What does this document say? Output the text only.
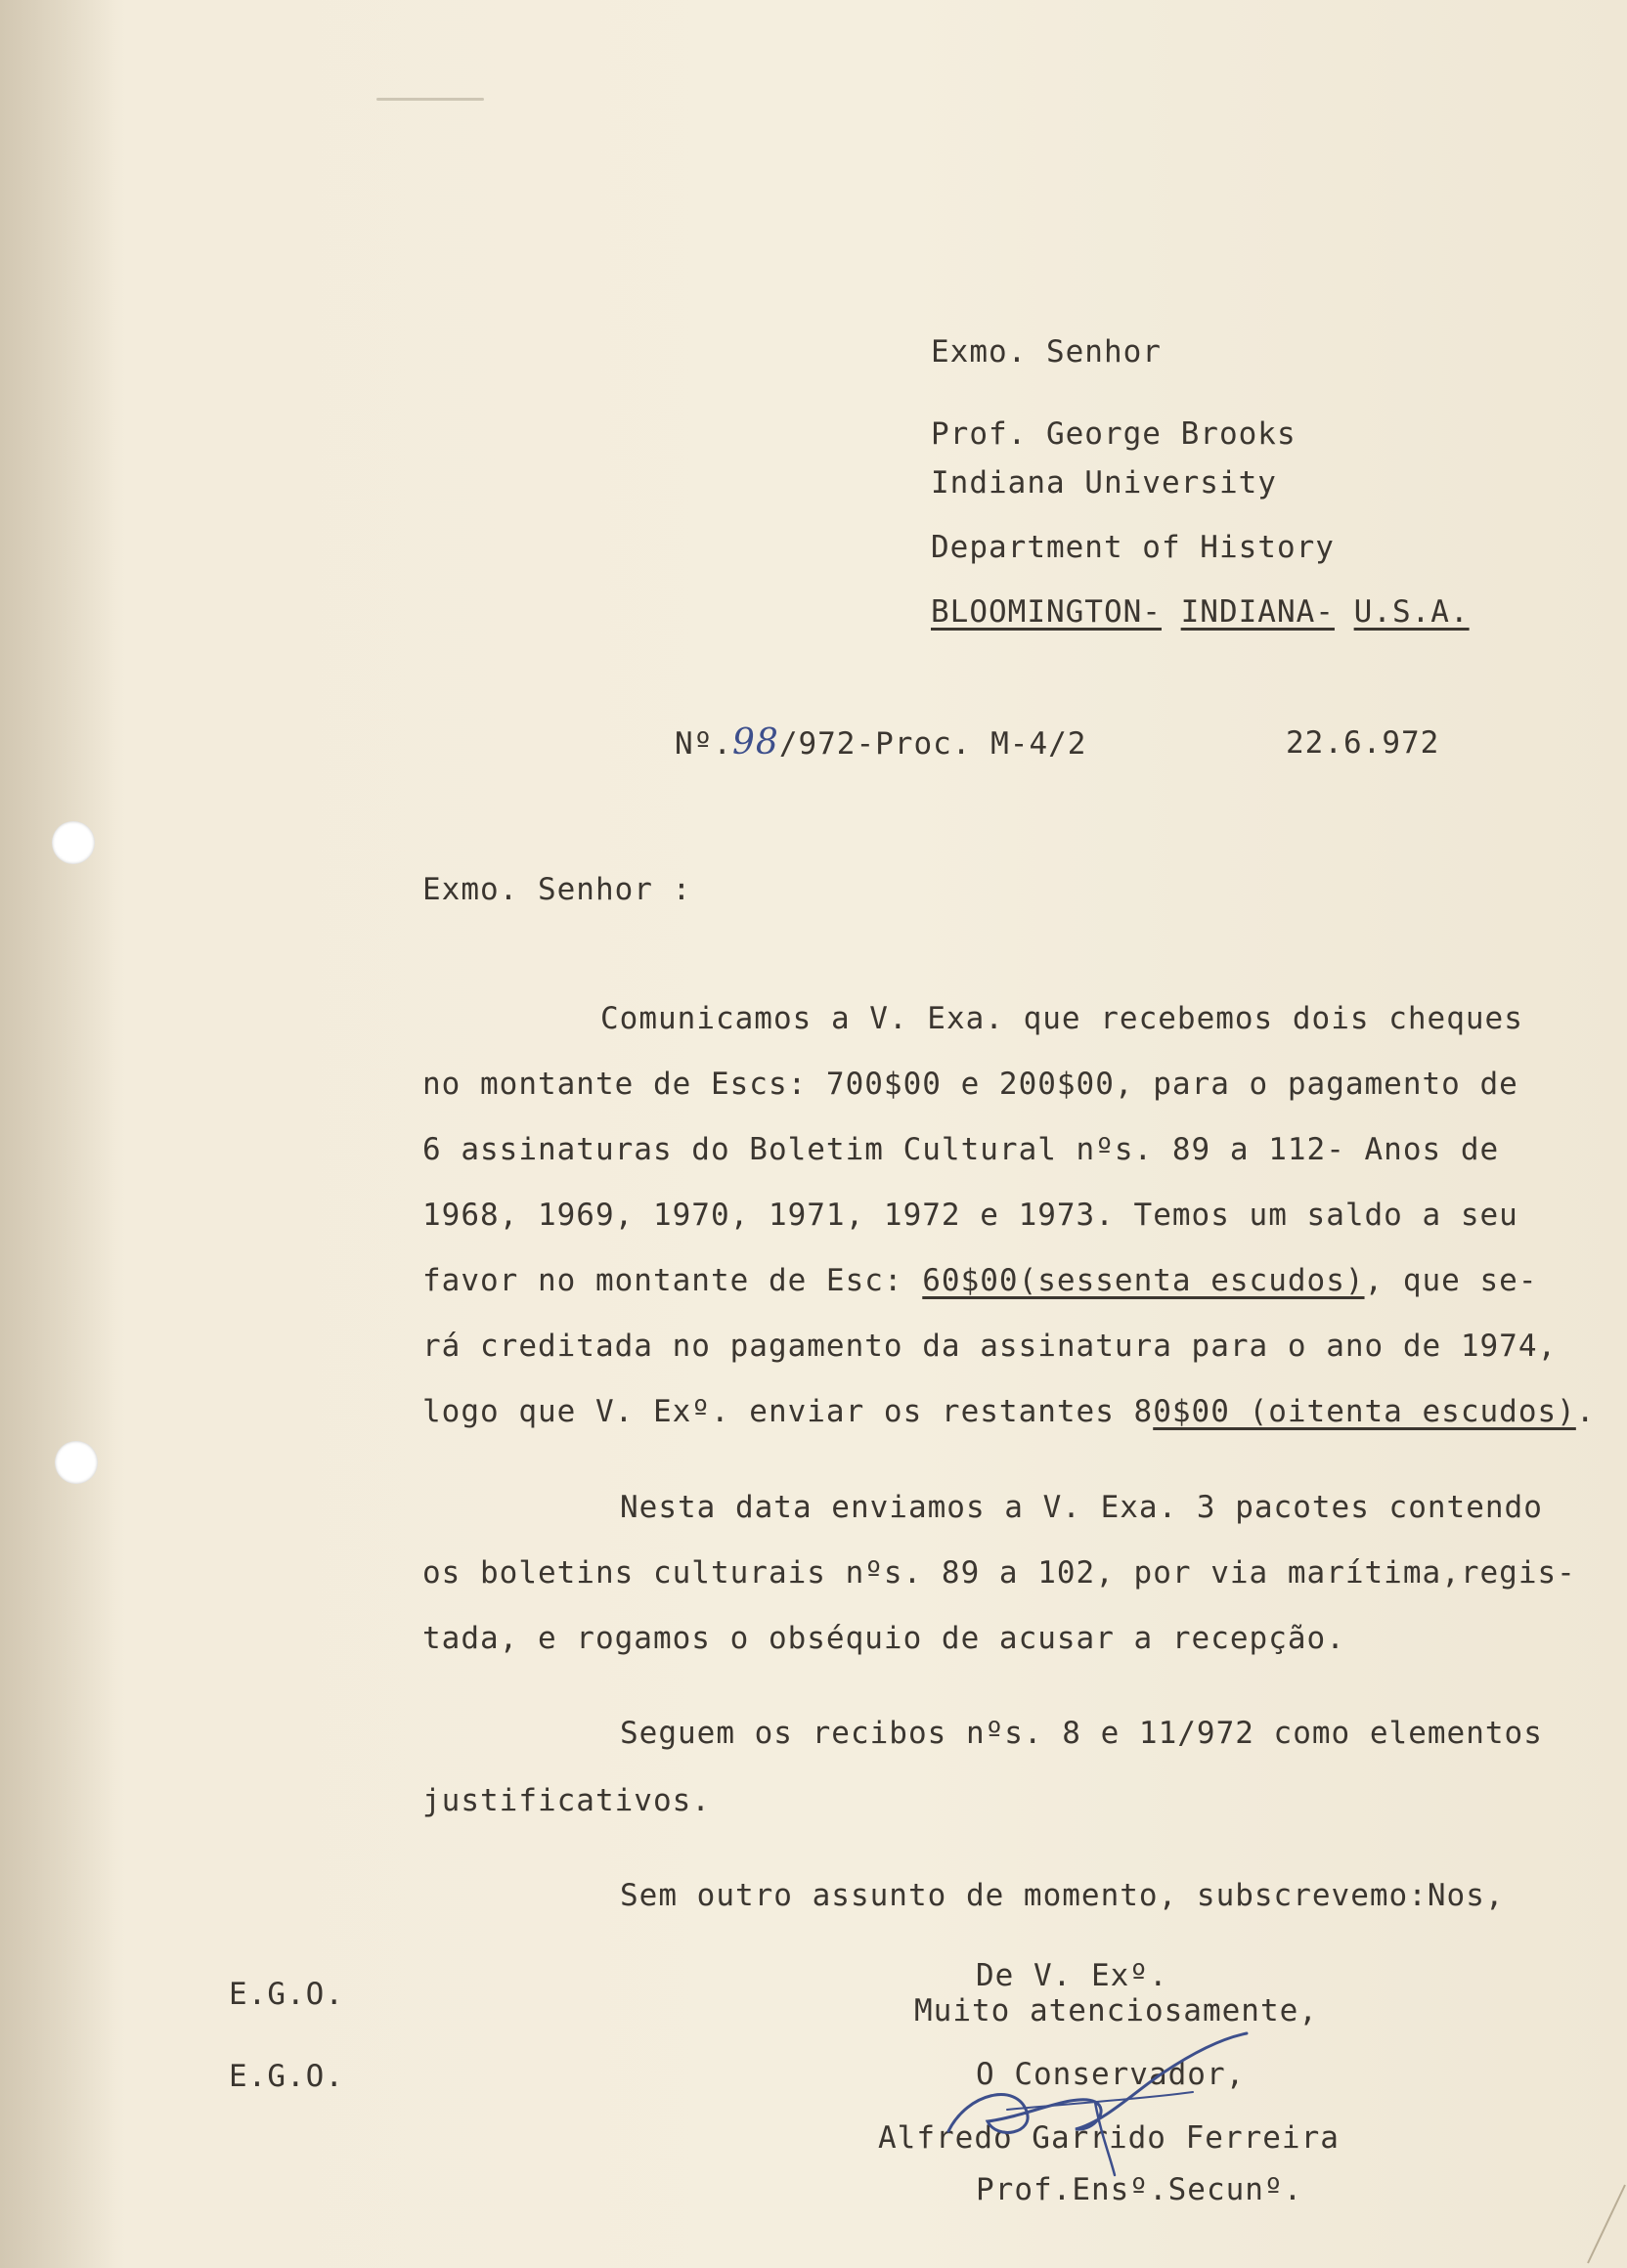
Exmo. Senhor
Prof. George Brooks
Indiana University
Department of History
BLOOMINGTON- INDIANA- U.S.A.
Nº.98/972-Proc. M-4/2	22.6.972
Exmo. Senhor :
Comunicamos a V. Exa. que recebemos dois cheques
no montante de Escs: 700$00 e 200$00, para o pagamento de
6 assinaturas do Boletim Cultural nºs. 89 a 112- Anos de
1968, 1969, 1970, 1971, 1972 e 1973. Temos um saldo a seu
favor no montante de Esc: 60$00(sessenta escudos), que se-
rá creditada no pagamento da assinatura para o ano de 1974,
logo que V. Exº. enviar os restantes 80$00 (oitenta escudos).
Nesta data enviamos a V. Exa. 3 pacotes contendo
os boletins culturais nºs. 89 a 102, por via marítima,regis-
tada, e rogamos o obséquio de acusar a recepção.
Seguem os recibos nºs. 8 e 11/972 como elementos
justificativos.
Sem outro assunto de momento, subscrevemo:Nos,
E.G.O.
E.G.O.
De V. Exº.
Muito atenciosamente,
O Conservador,
Alfredo Garrido Ferreira
Prof.Ensº.Secunº.
